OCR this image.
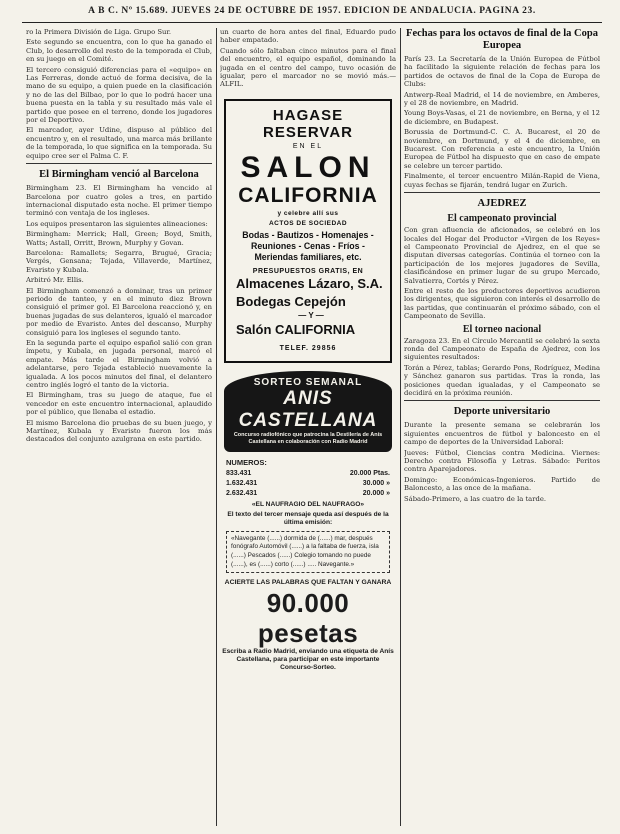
A B C. Nº 15.689. JUEVES 24 DE OCTUBRE DE 1957. EDICION DE ANDALUCIA. PAGINA 23.

ro la Primera División de Liga. Grupo Sur.

Este segundo se encuentra, con lo que ha ganado el Club, lo desarrollo del resto de la temporada el Club, en su juego en el Comité.

El tercero consiguió diferencias para el «equipo» en Las Ferreras, donde actuó de forma decisiva, de la mano de su equipo, a quien puede en la clasificación y no de las del Bilbao, por lo que lo podrá hacer una buena puesta en la tabla y su resultado más vale el partido que posee en el terreno, donde los jugadores por el Deportivo.

El marcador, ayer Udine, dispuso al público del encuentro y, en el resultado, una marca más brillante de la temporada, lo que significa en la temporada. Su equipo cree ser el Palma C. F.

El Birmingham venció al Barcelona

Birmingham 23. El Birmingham ha vencido al Barcelona por cuatro goles a tres, en partido internacional disputado esta noche. El primer tiempo terminó con ventaja de los ingleses.

Los equipos presentaron las siguientes alineaciones:

Birmingham: Merrick; Hall, Green; Boyd, Smith, Watts; Astall, Orritt, Brown, Murphy y Govan.

Barcelona: Ramallets; Segarra, Brugué, Gracia; Vergés, Gensana; Tejada, Villaverde, Martínez, Evaristo y Kubala.

Arbitró Mr. Ellis.

El Birmingham comenzó a dominar, tras un primer periodo de tanteo, y en el minuto diez Brown consiguió el primer gol. El Barcelona reaccionó y, en buenas jugadas de sus delanteros, igualó el marcador por medio de Evaristo. Antes del descanso, Murphy consiguió para los ingleses el segundo tanto.

En la segunda parte el equipo español salió con gran ímpetu, y Kubala, en jugada personal, marcó el empate. Más tarde el Birmingham volvió a adelantarse, pero Tejada estableció nuevamente la igualada. A los pocos minutos del final, el delantero centro inglés logró el tanto de la victoria.

El Birmingham, tras su juego de ataque, fue el vencedor en este encuentro internacional, aplaudido por el público, que llenaba el estadio.

El mismo Barcelona dio pruebas de su buen juego, y Martínez, Kubala y Evaristo fueron los más destacados del conjunto azulgrana en este partido.

un cuarto de hora antes del final, Eduardo pudo haber empatado.

Cuando sólo faltaban cinco minutos para el final del encuentro, el equipo español, dominando la jugada en el centro del campo, tuvo ocasión de igualar, pero el marcador no se movió más.—ALFIL.

HAGASE RESERVAR
EN EL
SALON
CALIFORNIA
y celebre allí sus
ACTOS DE SOCIEDAD
Bodas - Bautizos - Homenajes - Reuniones - Cenas - Fríos - Meriendas familiares, etc.
PRESUPUESTOS GRATIS, EN
Almacenes Lázaro, S.A.
Bodegas Cepejón
— Y —
Salón CALIFORNIA
TELEF. 29856
SORTEO SEMANAL
ANIS CASTELLANA
Concurso radiofónico que patrocina la Destilería de Anís Castellana en colaboración con Radio Madrid
NUMEROS:
833.431	20.000 Ptas.
1.632.431	30.000 »
2.632.431	20.000 »
«EL NAUFRAGIO DEL NAUFRAGO»
El texto del tercer mensaje queda así después de la última emisión:
«Navegante (......) dormida de (......) mar, después fonógrafo Automóvil (......) a la faltaba de fuerza, isla (......) Pescados (......) Colegio tomando no puede (......), es (......) corto (......) ..... Navegante.»
ACIERTE LAS PALABRAS QUE FALTAN Y GANARA
90.000 pesetas
Escriba a Radio Madrid, enviando una etiqueta de Anís Castellana, para participar en este importante Concurso-Sorteo.
Fechas para los octavos de final de la Copa Europea

París 23. La Secretaría de la Unión Europea de Fútbol ha facilitado la siguiente relación de fechas para los partidos de octavos de final de la Copa de Europa de Clubs:

Antwerp-Real Madrid, el 14 de noviembre, en Amberes, y el 28 de noviembre, en Madrid.

Young Boys-Vasas, el 21 de noviembre, en Berna, y el 12 de diciembre, en Budapest.

Borussia de Dortmund-C. C. A. Bucarest, el 20 de noviembre, en Dortmund, y el 4 de diciembre, en Bucarest. Con referencia a este encuentro, la Unión Europea de Fútbol ha dispuesto que en caso de empate se celebre un tercer partido.

Finalmente, el tercer encuentro Milán-Rapid de Viena, cuyas fechas se fijarán, tendrá lugar en Zurich.

AJEDREZ
El campeonato provincial

Con gran afluencia de aficionados, se celebró en los locales del Hogar del Productor «Virgen de los Reyes» el Campeonato Provincial de Ajedrez, en el que se disputan diversas categorías. Continúa el torneo con la participación de los mejores jugadores de Sevilla, clasificándose en primer lugar de su grupo Mercado, Salvatierra, Cortés y Pérez.

Entre el resto de los productores deportivos acudieron los dirigentes, que siguieron con interés el desarrollo de las partidas, que continuarán el próximo sábado, con el Campeonato de Sevilla.

El torneo nacional

Zaragoza 23. En el Círculo Mercantil se celebró la sexta ronda del Campeonato de España de Ajedrez, con los siguientes resultados:

Torán a Pérez, tablas; Gerardo Pons, Rodríguez, Medina y Sánchez ganaron sus partidas. Tras la ronda, las posiciones quedan igualadas, y el Campeonato se decidirá en la próxima reunión.

Deporte universitario

Durante la presente semana se celebrarán los siguientes encuentros de fútbol y baloncesto en el campo de deportes de la Universidad Laboral:

Jueves: Fútbol, Ciencias contra Medicina. Viernes: Derecho contra Filosofía y Letras. Sábado: Peritos contra Aparejadores.

Domingo: Económicas-Ingenieros. Partido de Baloncesto, a las once de la mañana.

Sábado-Primero, a las cuatro de la tarde.
